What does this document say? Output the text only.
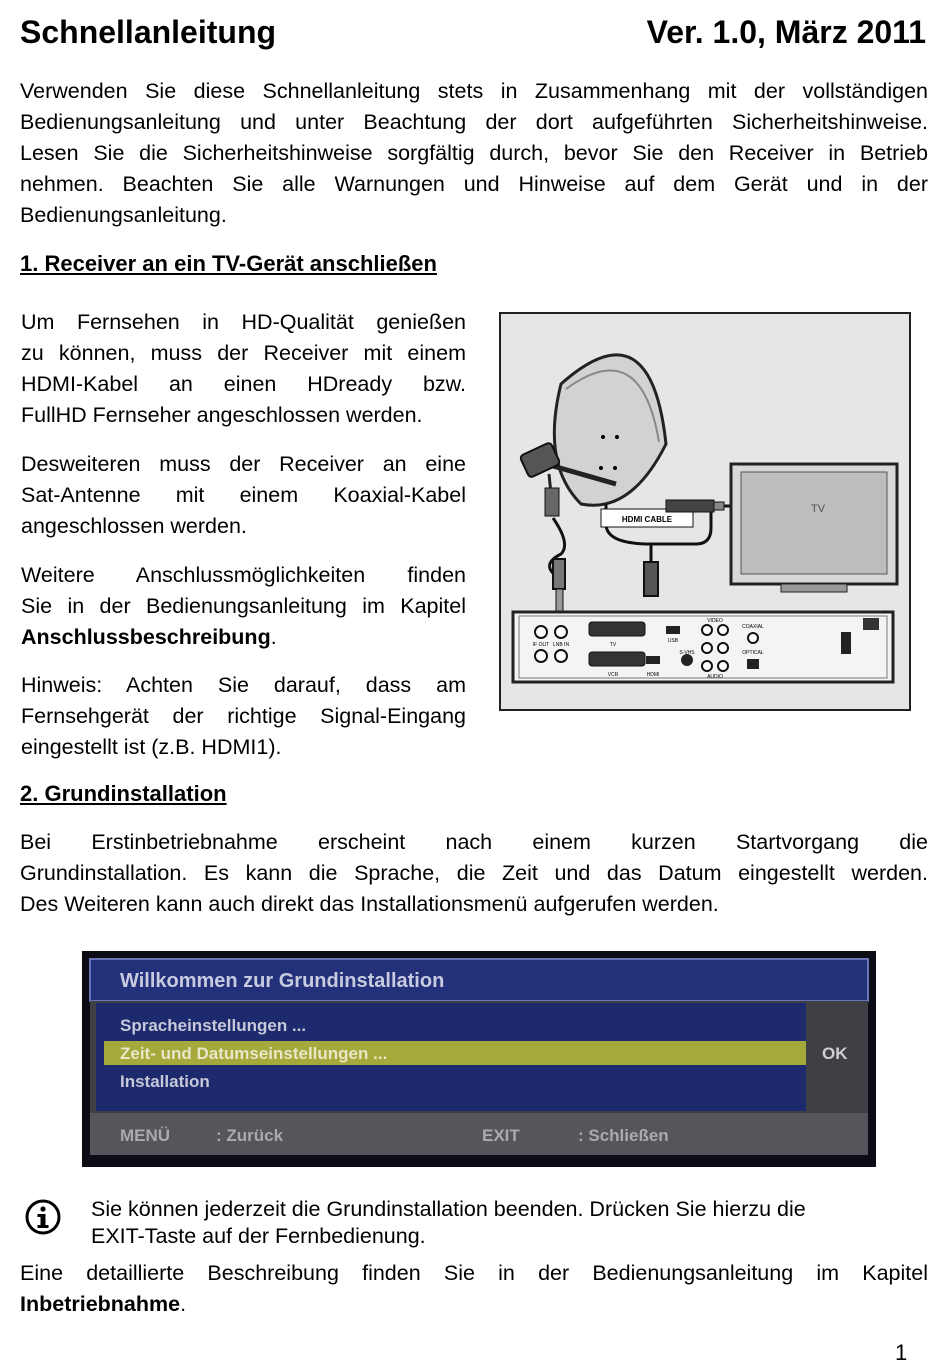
Schnellanleitung	Ver. 1.0, März 2011
Verwenden Sie diese Schnellanleitung stets in Zusammenhang mit der vollständigen
Bedienungsanleitung und unter Beachtung der dort aufgeführten Sicherheitshinweise.
Lesen Sie die Sicherheitshinweise sorgfältig durch, bevor Sie den Receiver in Betrieb
nehmen. Beachten Sie alle Warnungen und Hinweise auf dem Gerät und in der
Bedienungsanleitung.
1. Receiver an ein TV-Gerät anschließen
Um Fernsehen in HD-Qualität genießen
zu können, muss der Receiver mit einem
HDMI-Kabel an einen HDready bzw.
FullHD Fernseher angeschlossen werden.
Desweiteren muss der Receiver an eine
Sat-Antenne mit einem Koaxial-Kabel
angeschlossen werden.
Weitere Anschlussmöglichkeiten finden
Sie in der Bedienungsanleitung im Kapitel
Anschlussbeschreibung.
Hinweis: Achten Sie darauf, dass am
Fernsehgerät der richtige Signal-Eingang
eingestellt ist (z.B. HDMI1).
HDMI CABLE
TV
TV
VCR	HDMI
USB
S-VHS
VIDEO
AUDIO
COAXIAL
OPTICAL
IF OUT LNB IN
2. Grundinstallation
Bei Erstinbetriebnahme erscheint nach einem kurzen Startvorgang die
Grundinstallation. Es kann die Sprache, die Zeit und das Datum eingestellt werden.
Des Weiteren kann auch direkt das Installationsmenü aufgerufen werden.
Willkommen zur Grundinstallation
Spracheinstellungen ...
Zeit- und Datumseinstellungen ...
Installation
OK
MENÜ	: Zurück	EXIT	: Schließen
Sie können jederzeit die Grundinstallation beenden. Drücken Sie hierzu die
EXIT-Taste auf der Fernbedienung.
Eine detaillierte Beschreibung finden Sie in der Bedienungsanleitung im Kapitel
Inbetriebnahme.
1
